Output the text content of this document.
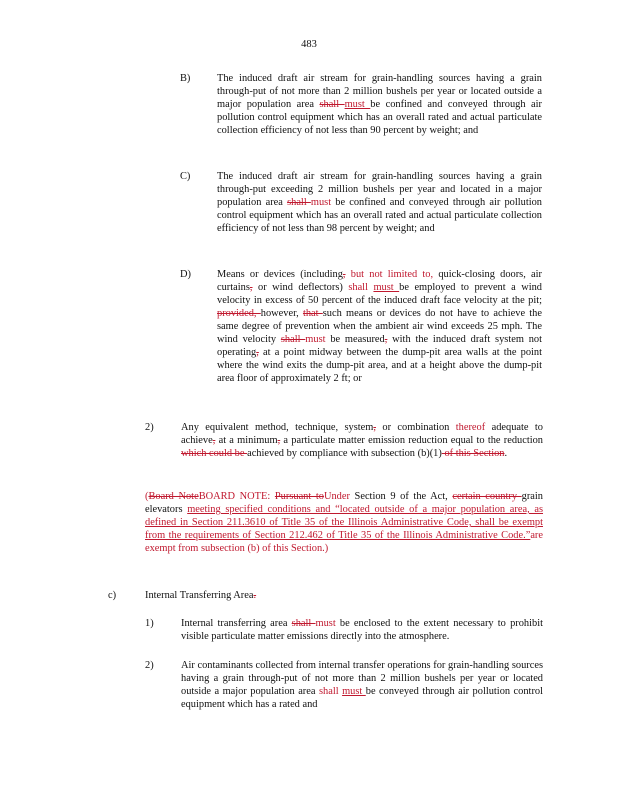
483
B)	The induced draft air stream for grain-handling sources having a grain through-put of not more than 2 million bushels per year or located outside a major population area shall must be confined and conveyed through air pollution control equipment which has an overall rated and actual particulate collection efficiency of not less than 90 percent by weight; and
C)	The induced draft air stream for grain-handling sources having a grain through-put exceeding 2 million bushels per year and located in a major population area shall must be confined and conveyed through air pollution control equipment which has an overall rated and actual particulate collection efficiency of not less than 98 percent by weight; and
D)	Means or devices (including, but not limited to, quick-closing doors, air curtains, or wind deflectors) shall must be employed to prevent a wind velocity in excess of 50 percent of the induced draft face velocity at the pit; provided, however, that such means or devices do not have to achieve the same degree of prevention when the ambient air wind exceeds 25 mph. The wind velocity shall must be measured, with the induced draft system not operating, at a point midway between the dump-pit area walls at the point where the wind exits the dump-pit area, and at a height above the dump-pit area floor of approximately 2 ft; or
2)	Any equivalent method, technique, system, or combination thereof adequate to achieve, at a minimum, a particulate matter emission reduction equal to the reduction which could be achieved by compliance with subsection (b)(1) of this Section.
(Board NoteBOARD NOTE: Pursuant toUnder Section 9 of the Act, certain country grain elevators meeting specified conditions and “located outside of a major population area, as defined in Section 211.3610 of Title 35 of the Illinois Administrative Code, shall be exempt from the requirements of Section 212.462 of Title 35 of the Illinois Administrative Code.”are exempt from subsection (b) of this Section.)
c)	Internal Transferring Area.
1)	Internal transferring area shall must be enclosed to the extent necessary to prohibit visible particulate matter emissions directly into the atmosphere.
2)	Air contaminants collected from internal transfer operations for grain-handling sources having a grain through-put of not more than 2 million bushels per year or located outside a major population area shall must be conveyed through air pollution control equipment which has a rated and
